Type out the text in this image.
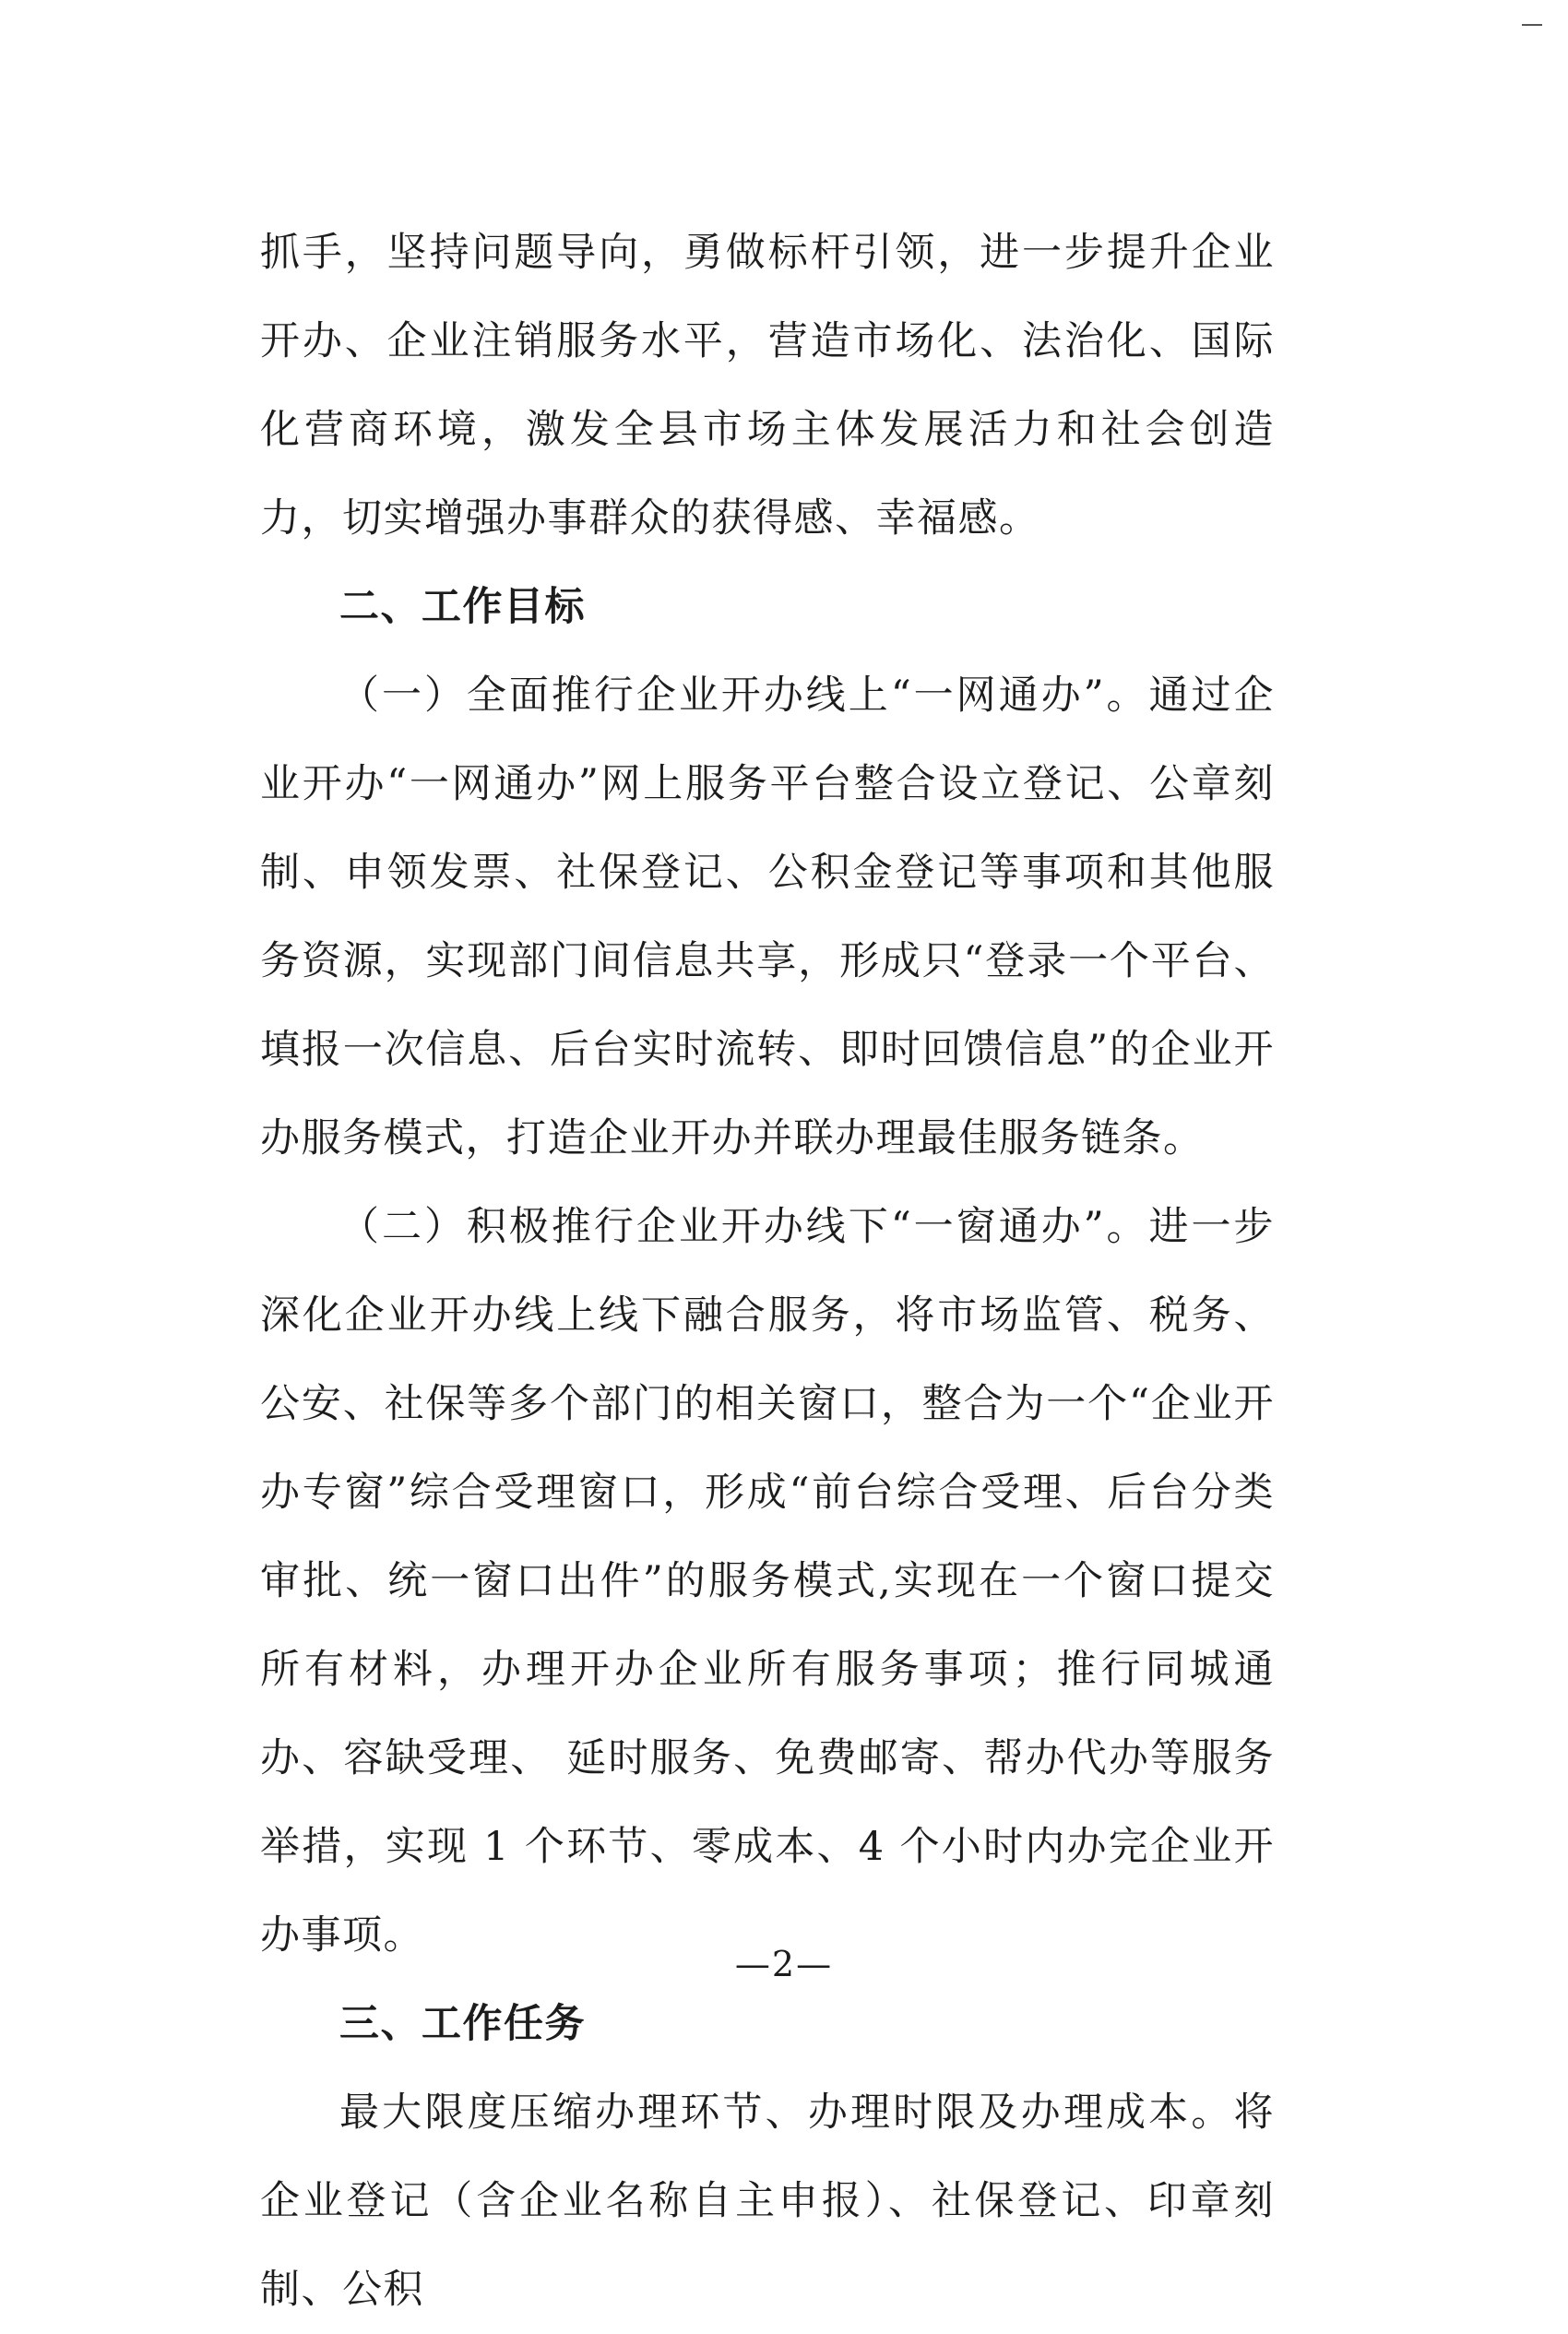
抓手，坚持问题导向，勇做标杆引领，进一步提升企业开办、企业注销服务水平，营造市场化、法治化、国际化营商环境，激发全县市场主体发展活力和社会创造力，切实增强办事群众的获得感、幸福感。

二、工作目标

（一）全面推行企业开办线上“一网通办”。通过企业开办“一网通办”网上服务平台整合设立登记、公章刻制、申领发票、社保登记、公积金登记等事项和其他服务资源，实现部门间信息共享，形成只“登录一个平台、填报一次信息、后台实时流转、即时回馈信息”的企业开办服务模式，打造企业开办并联办理最佳服务链条。

（二）积极推行企业开办线下“一窗通办”。进一步深化企业开办线上线下融合服务，将市场监管、税务、公安、社保等多个部门的相关窗口，整合为一个“企业开办专窗”综合受理窗口，形成“前台综合受理、后台分类审批、统一窗口出件”的服务模式,实现在一个窗口提交所有材料，办理开办企业所有服务事项；推行同城通办、容缺受理、 延时服务、免费邮寄、帮办代办等服务举措，实现 1 个环节、零成本、4 个小时内办完企业开办事项。

三、工作任务

最大限度压缩办理环节、办理时限及办理成本。将企业登记（含企业名称自主申报）、社保登记、印章刻制、公积

—2—
